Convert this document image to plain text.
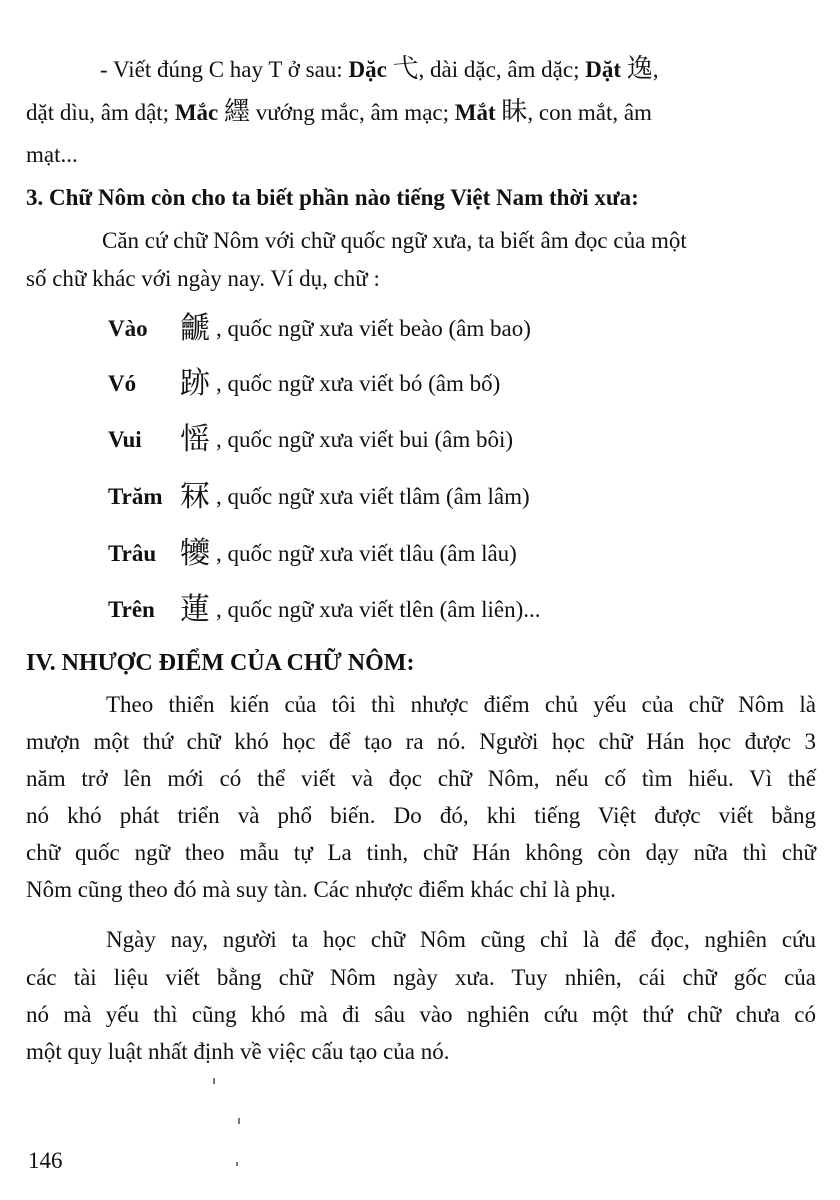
- Viết đúng C hay T ở sau: Dặc 弋, dài dặc, âm dặc; Dặt 逸,
dặt dìu, âm dật; Mắc 纆 vướng mắc, âm mạc; Mắt 眛, con mắt, âm
mạt...
3. Chữ Nôm còn cho ta biết phần nào tiếng Việt Nam thời xưa:
Căn cứ chữ Nôm với chữ quốc ngữ xưa, ta biết âm đọc của một
số chữ khác với ngày nay. Ví dụ, chữ :
Vào 䶵 , quốc ngữ xưa viết beào (âm bao)
Vó 跡 , quốc ngữ xưa viết bó (âm bố)
Vui 愮 , quốc ngữ xưa viết bui (âm bôi)
Trăm 冧 , quốc ngữ xưa viết tlâm (âm lâm)
Trâu 犪 , quốc ngữ xưa viết tlâu (âm lâu)
Trên 蓮 , quốc ngữ xưa viết tlên (âm liên)...
IV. NHƯỢC ĐIỂM CỦA CHỮ NÔM:
Theo thiển kiến của tôi thì nhược điểm chủ yếu của chữ Nôm là
mượn một thứ chữ khó học để tạo ra nó. Người học chữ Hán học được 3
năm trở lên mới có thể viết và đọc chữ Nôm, nếu cố tìm hiểu. Vì thế
nó khó phát triển và phổ biến. Do đó, khi tiếng Việt được viết bằng
chữ quốc ngữ theo mẫu tự La tinh, chữ Hán không còn dạy nữa thì chữ
Nôm cũng theo đó mà suy tàn. Các nhược điểm khác chỉ là phụ.
Ngày nay, người ta học chữ Nôm cũng chỉ là để đọc, nghiên cứu
các tài liệu viết bằng chữ Nôm ngày xưa. Tuy nhiên, cái chữ gốc của
nó mà yếu thì cũng khó mà đi sâu vào nghiên cứu một thứ chữ chưa có
một quy luật nhất định về việc cấu tạo của nó.
146
